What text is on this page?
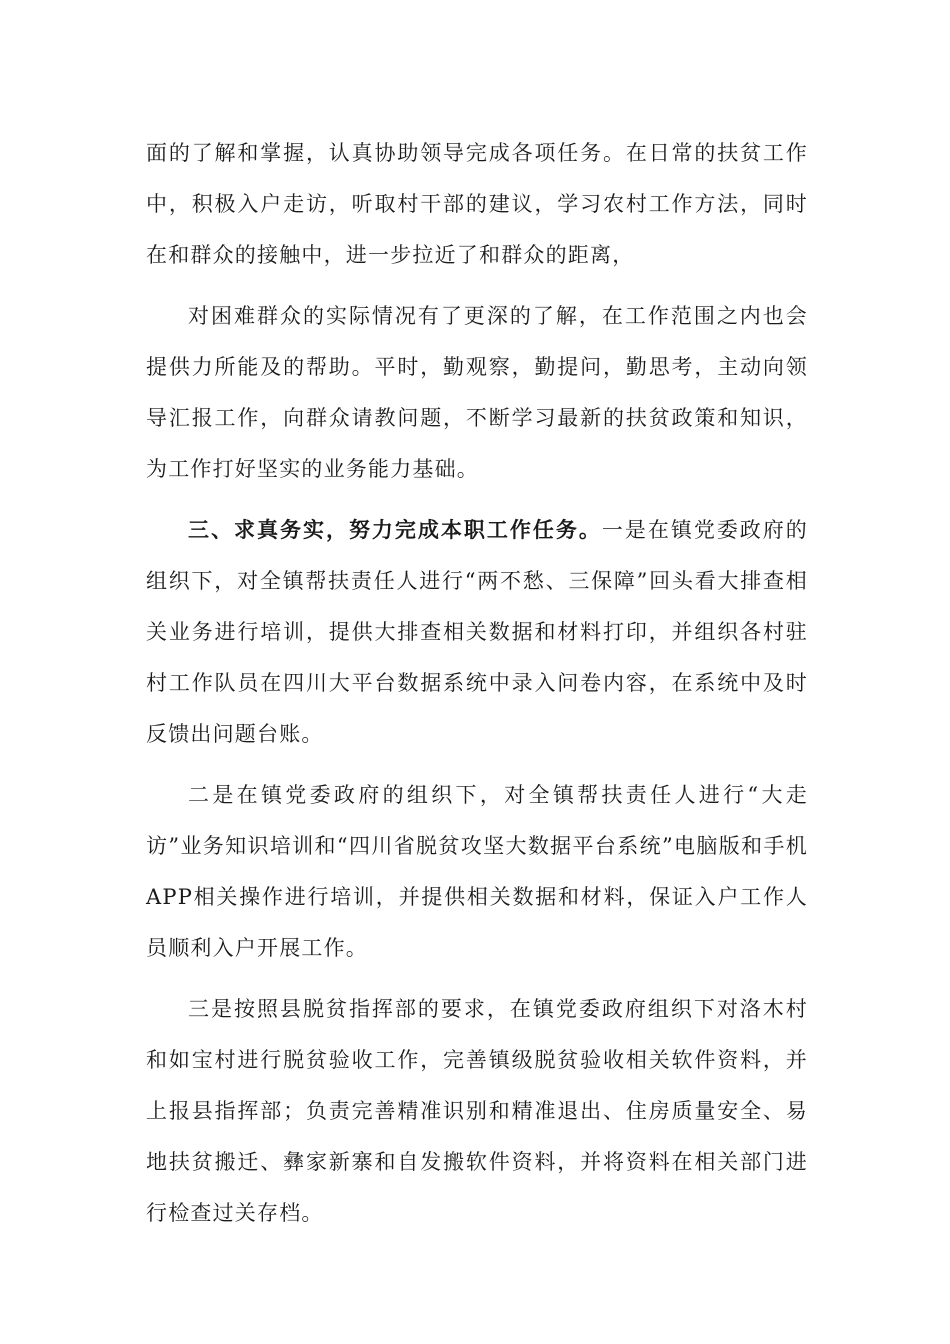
面的了解和掌握，认真协助领导完成各项任务。在日常的扶贫工作中，积极入户走访，听取村干部的建议，学习农村工作方法，同时在和群众的接触中，进一步拉近了和群众的距离，

对困难群众的实际情况有了更深的了解，在工作范围之内也会提供力所能及的帮助。平时，勤观察，勤提问，勤思考，主动向领导汇报工作，向群众请教问题，不断学习最新的扶贫政策和知识，为工作打好坚实的业务能力基础。

三、求真务实，努力完成本职工作任务。一是在镇党委政府的组织下，对全镇帮扶责任人进行“两不愁、三保障”回头看大排查相关业务进行培训，提供大排查相关数据和材料打印，并组织各村驻村工作队员在四川大平台数据系统中录入问卷内容，在系统中及时反馈出问题台账。

二是在镇党委政府的组织下，对全镇帮扶责任人进行“大走访”业务知识培训和“四川省脱贫攻坚大数据平台系统”电脑版和手机APP相关操作进行培训，并提供相关数据和材料，保证入户工作人员顺利入户开展工作。

三是按照县脱贫指挥部的要求，在镇党委政府组织下对洛木村和如宝村进行脱贫验收工作，完善镇级脱贫验收相关软件资料，并上报县指挥部；负责完善精准识别和精准退出、住房质量安全、易地扶贫搬迁、彝家新寨和自发搬软件资料，并将资料在相关部门进行检查过关存档。
